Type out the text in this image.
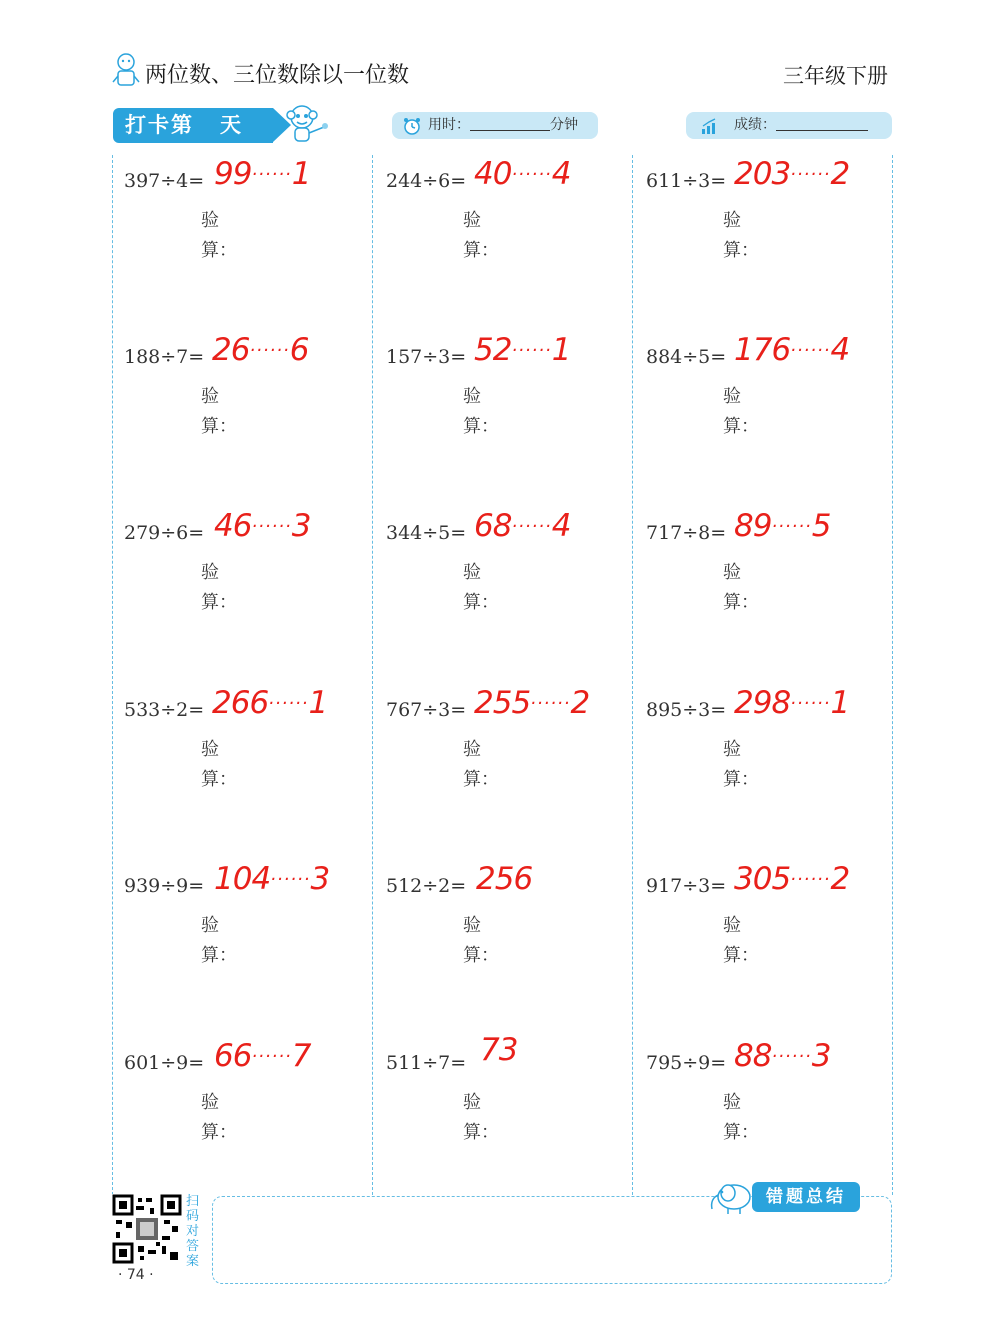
两位数、三位数除以一位数	三年级下册
打卡第 天	用时：	分钟	成绩：
397÷4= 99······1
验
算：
188÷7= 26······6
验
算：
279÷6= 46······3
验
算：
533÷2= 266······1
验
算：
939÷9= 104······3
验
算：
601÷9= 66······7
验
算：
244÷6= 40······4
验
算：
157÷3= 52······1
验
算：
344÷5= 68······4
验
算：
767÷3= 255······2
验
算：
512÷2= 256
验
算：
511÷7= 73
验
算：
611÷3= 203······2
验
算：
884÷5= 176······4
验
算：
717÷8= 89······5
验
算：
895÷3= 298······1
验
算：
917÷3= 305······2
验
算：
795÷9= 88······3
验
算：
错题总结
扫码对答案
· 74 ·
